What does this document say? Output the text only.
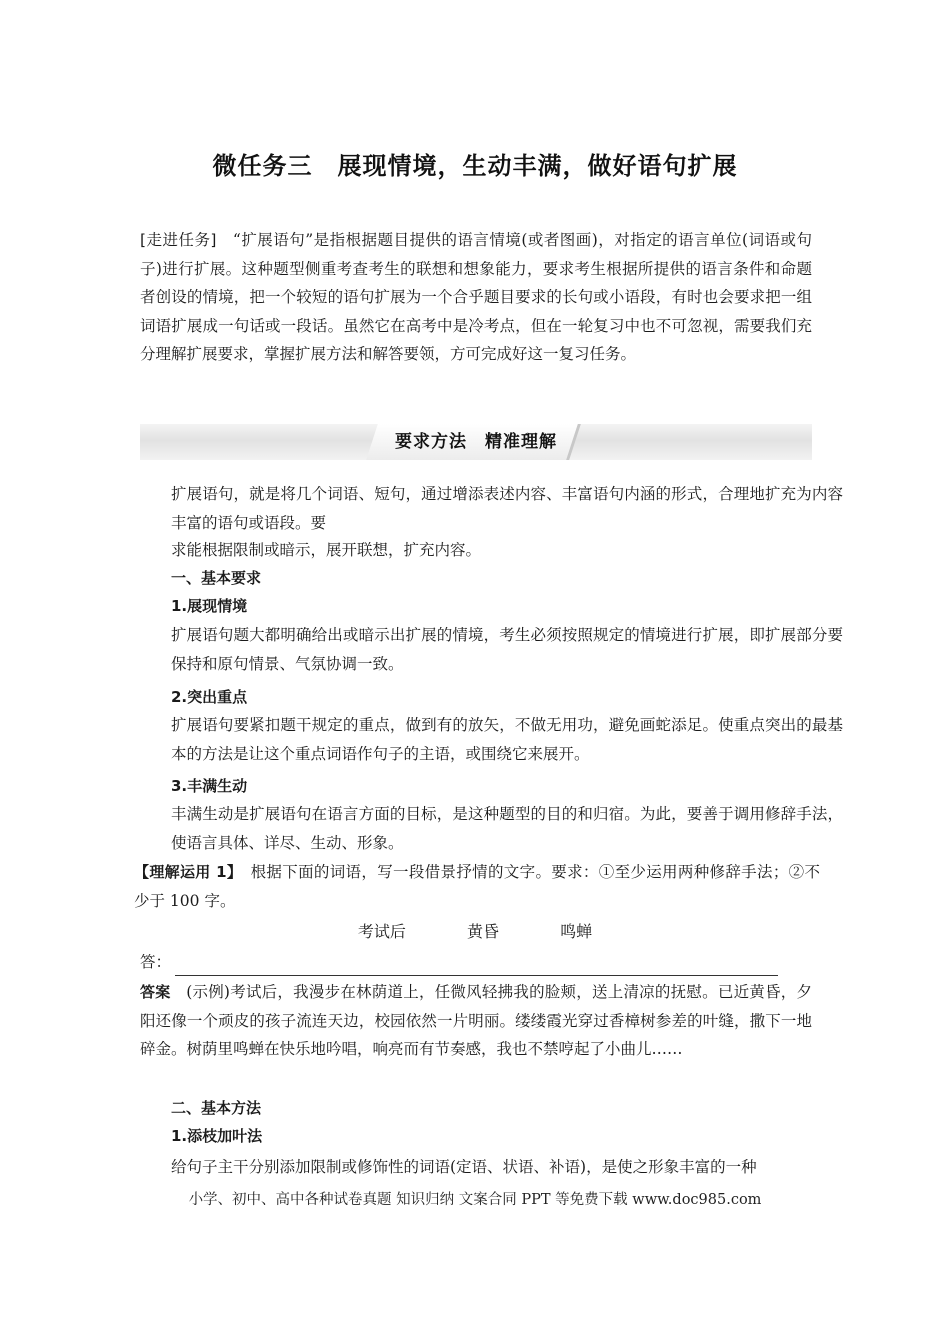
微任务三　展现情境，生动丰满，做好语句扩展

[走进任务]　“扩展语句”是指根据题目提供的语言情境(或者图画)，对指定的语言单位(词语或句子)进行扩展。这种题型侧重考查考生的联想和想象能力，要求考生根据所提供的语言条件和命题者创设的情境，把一个较短的语句扩展为一个合乎题目要求的长句或小语段，有时也会要求把一组词语扩展成一句话或一段话。虽然它在高考中是冷考点，但在一轮复习中也不可忽视，需要我们充分理解扩展要求，掌握扩展方法和解答要领，方可完成好这一复习任务。

要求方法　精准理解

扩展语句，就是将几个词语、短句，通过增添表述内容、丰富语句内涵的形式，合理地扩充为内容丰富的语句或语段。要

求能根据限制或暗示，展开联想，扩充内容。

一、基本要求

1.展现情境

扩展语句题大都明确给出或暗示出扩展的情境，考生必须按照规定的情境进行扩展，即扩展部分要保持和原句情景、气氛协调一致。

2.突出重点

扩展语句要紧扣题干规定的重点，做到有的放矢，不做无用功，避免画蛇添足。使重点突出的最基本的方法是让这个重点词语作句子的主语，或围绕它来展开。

3.丰满生动

丰满生动是扩展语句在语言方面的目标，是这种题型的目的和归宿。为此，要善于调用修辞手法，使语言具体、详尽、生动、形象。

【理解运用 1】　根据下面的词语，写一段借景抒情的文字。要求：①至少运用两种修辞手法；②不少于 100 字。

考试后	黄昏	鸣蝉

答：

答案　(示例)考试后，我漫步在林荫道上，任微风轻拂我的脸颊，送上清凉的抚慰。已近黄昏，夕阳还像一个顽皮的孩子流连天边，校园依然一片明丽。缕缕霞光穿过香樟树参差的叶缝，撒下一地碎金。树荫里鸣蝉在快乐地吟唱，响亮而有节奏感，我也不禁哼起了小曲儿……

二、基本方法

1.添枝加叶法

给句子主干分别添加限制或修饰性的词语(定语、状语、补语)，是使之形象丰富的一种

小学、初中、高中各种试卷真题 知识归纳 文案合同 PPT 等免费下载 www.doc985.com
